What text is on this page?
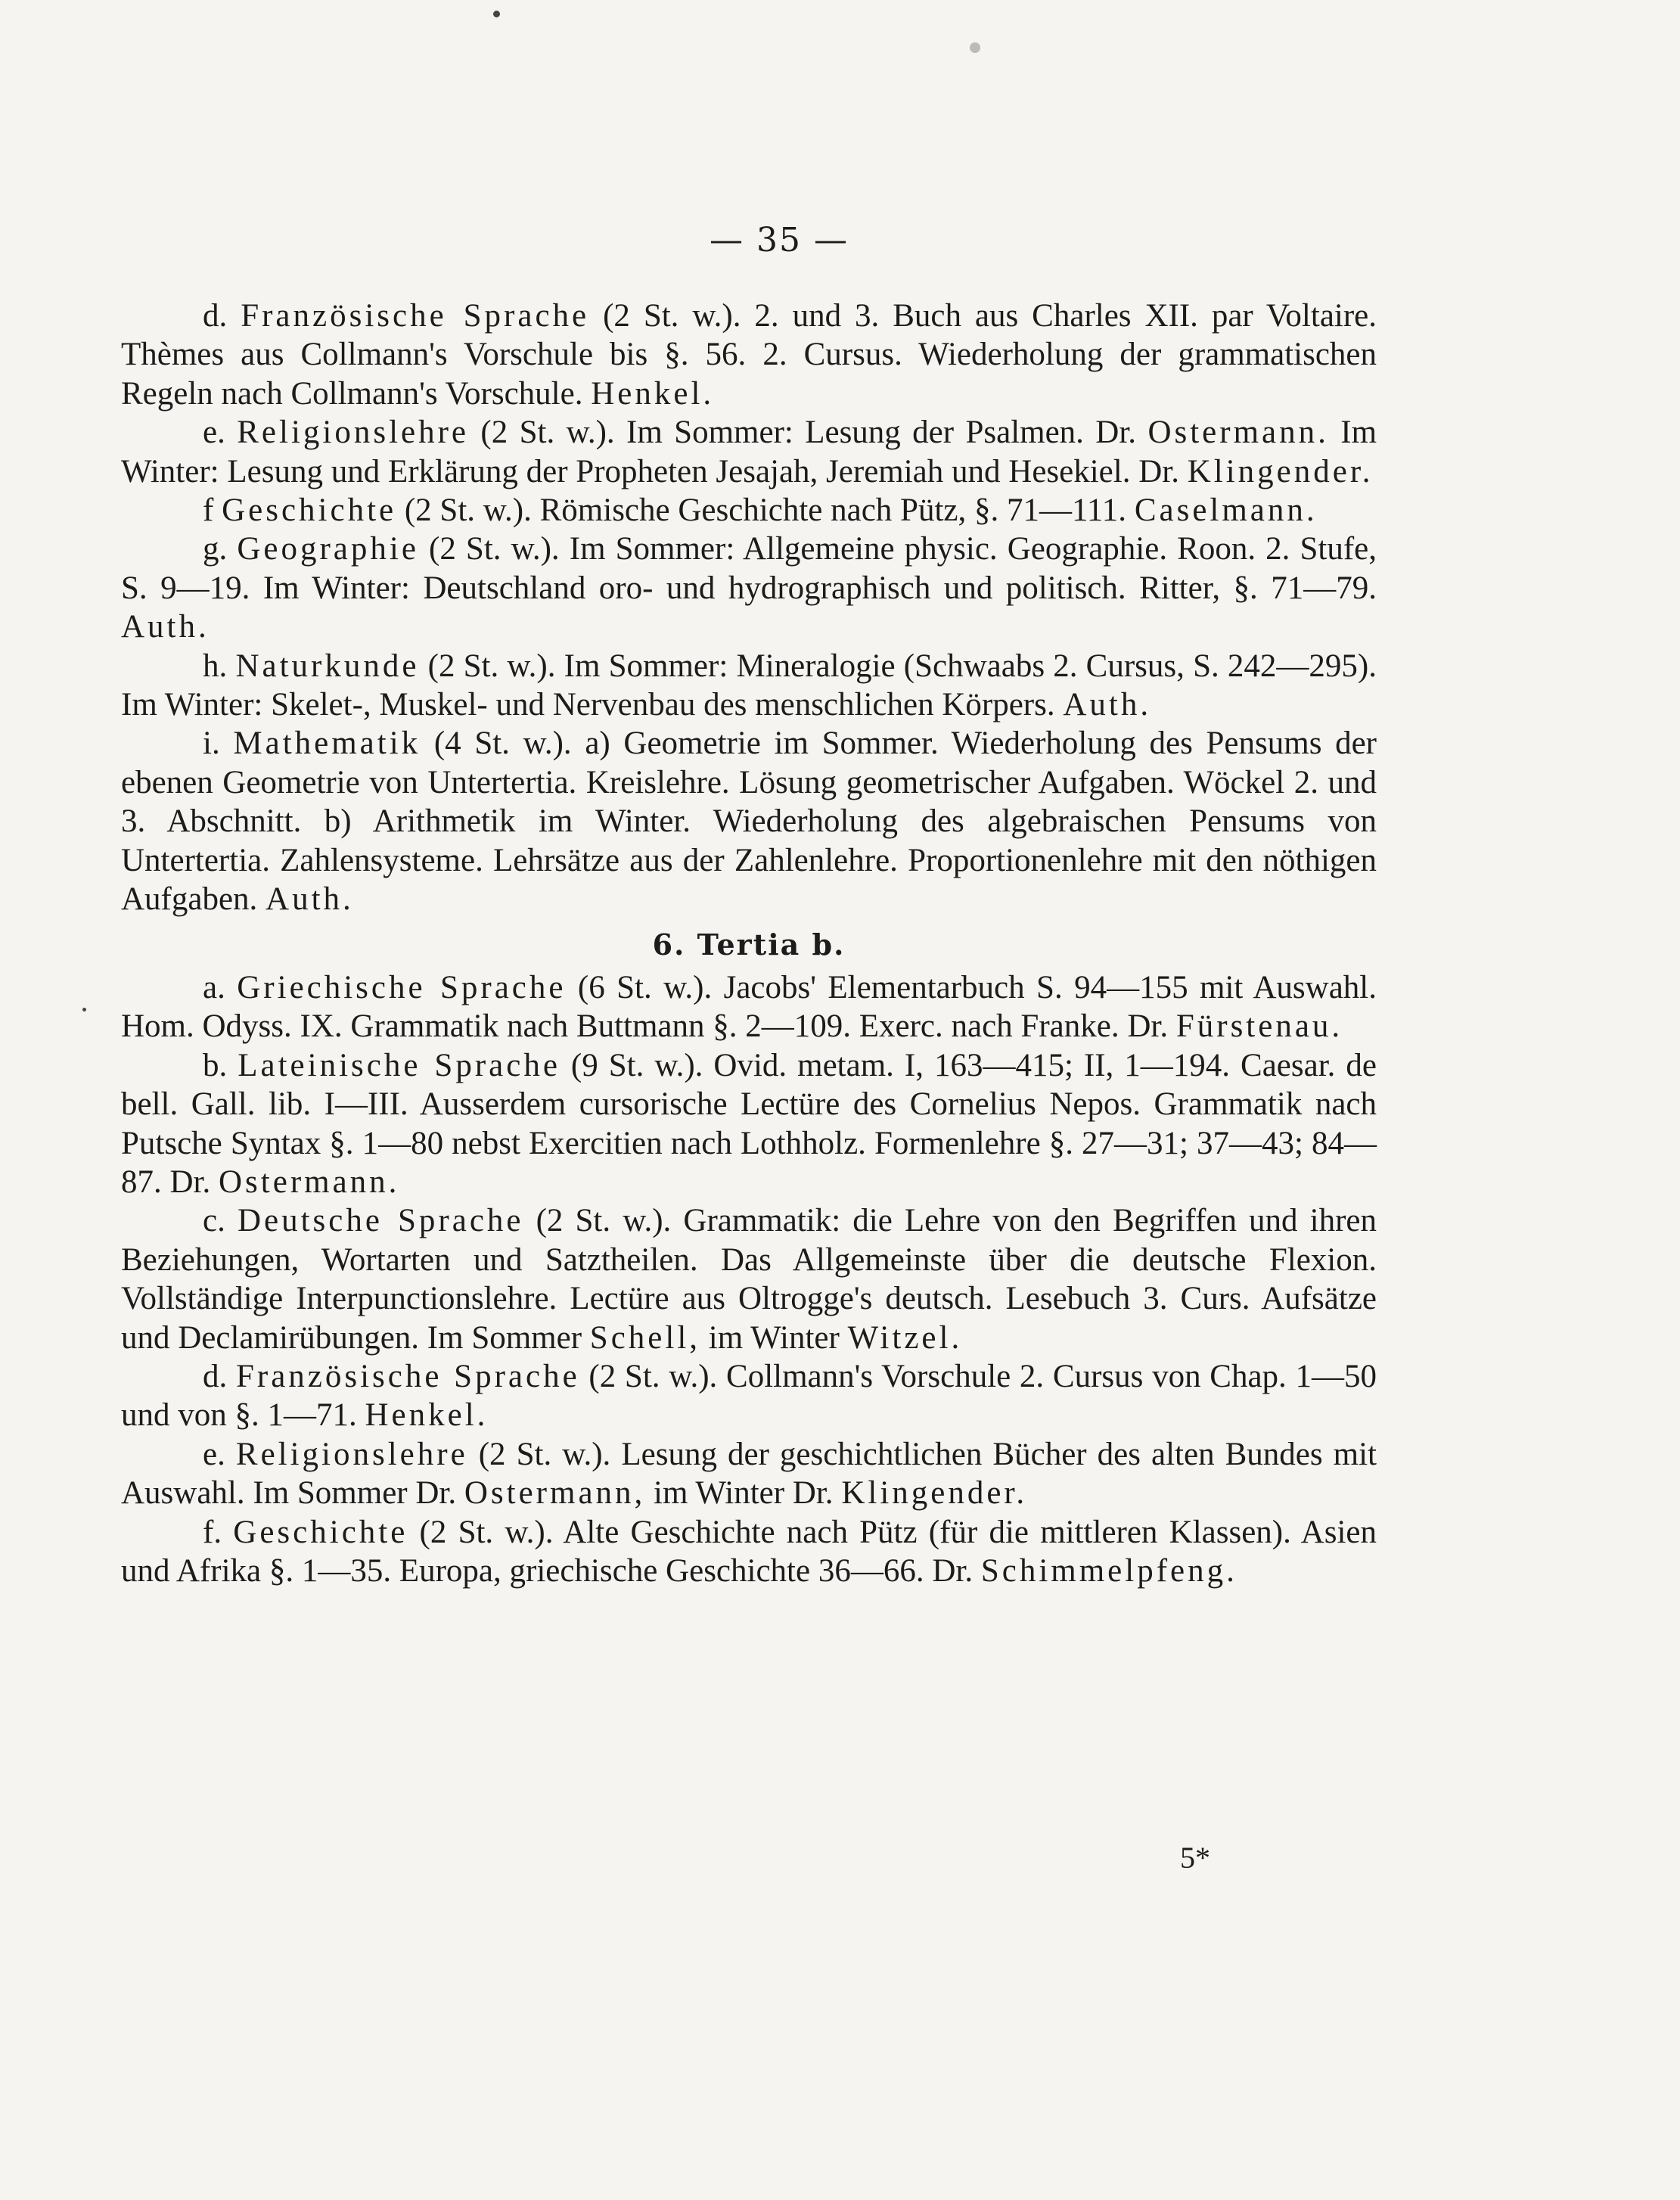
— 35 —

d. Französische Sprache (2 St. w.). 2. und 3. Buch aus Charles XII. par Voltaire. Thèmes aus Collmann's Vorschule bis §. 56. 2. Cursus. Wiederholung der grammatischen Regeln nach Collmann's Vorschule. Henkel.

e. Religionslehre (2 St. w.). Im Sommer: Lesung der Psalmen. Dr. Ostermann. Im Winter: Lesung und Erklärung der Propheten Jesajah, Jeremiah und Hesekiel. Dr. Klingender.

f Geschichte (2 St. w.). Römische Geschichte nach Pütz, §. 71—111. Caselmann.

g. Geographie (2 St. w.). Im Sommer: Allgemeine physic. Geographie. Roon. 2. Stufe, S. 9—19. Im Winter: Deutschland oro- und hydrographisch und politisch. Ritter, §. 71—79. Auth.

h. Naturkunde (2 St. w.). Im Sommer: Mineralogie (Schwaabs 2. Cursus, S. 242—295). Im Winter: Skelet-, Muskel- und Nervenbau des menschlichen Körpers. Auth.

i. Mathematik (4 St. w.). a) Geometrie im Sommer. Wiederholung des Pensums der ebenen Geometrie von Untertertia. Kreislehre. Lösung geometrischer Aufgaben. Wöckel 2. und 3. Abschnitt. b) Arithmetik im Winter. Wiederholung des algebraischen Pensums von Untertertia. Zahlensysteme. Lehrsätze aus der Zahlenlehre. Proportionenlehre mit den nöthigen Aufgaben. Auth.

6. Tertia b.

a. Griechische Sprache (6 St. w.). Jacobs' Elementarbuch S. 94—155 mit Auswahl. Hom. Odyss. IX. Grammatik nach Buttmann §. 2—109. Exerc. nach Franke. Dr. Fürstenau.

b. Lateinische Sprache (9 St. w.). Ovid. metam. I, 163—415; II, 1—194. Caesar. de bell. Gall. lib. I—III. Ausserdem cursorische Lectüre des Cornelius Nepos. Grammatik nach Putsche Syntax §. 1—80 nebst Exercitien nach Lothholz. Formenlehre §. 27—31; 37—43; 84—87. Dr. Ostermann.

c. Deutsche Sprache (2 St. w.). Grammatik: die Lehre von den Begriffen und ihren Beziehungen, Wortarten und Satztheilen. Das Allgemeinste über die deutsche Flexion. Vollständige Interpunctionslehre. Lectüre aus Oltrogge's deutsch. Lesebuch 3. Curs. Aufsätze und Declamirübungen. Im Sommer Schell, im Winter Witzel.

d. Französische Sprache (2 St. w.). Collmann's Vorschule 2. Cursus von Chap. 1—50 und von §. 1—71. Henkel.

e. Religionslehre (2 St. w.). Lesung der geschichtlichen Bücher des alten Bundes mit Auswahl. Im Sommer Dr. Ostermann, im Winter Dr. Klingender.

f. Geschichte (2 St. w.). Alte Geschichte nach Pütz (für die mittleren Klassen). Asien und Afrika §. 1—35. Europa, griechische Geschichte 36—66. Dr. Schimmelpfeng.

5*
